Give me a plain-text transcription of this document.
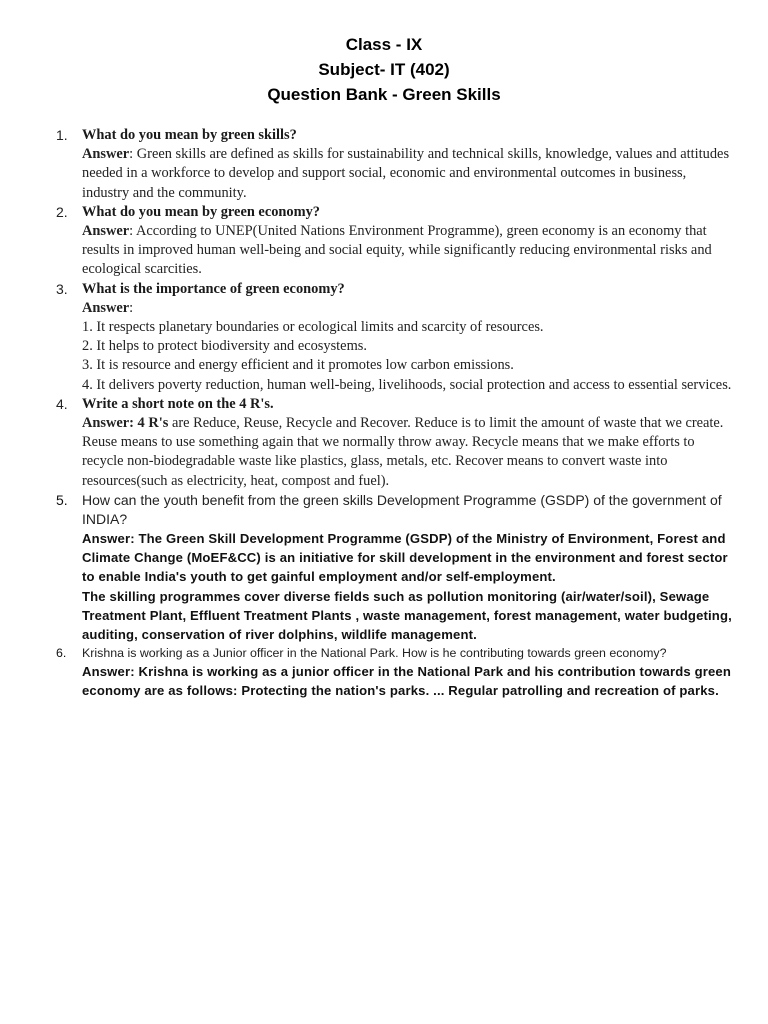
Class - IX
Subject- IT (402)
Question Bank - Green Skills
1. What do you mean by green skills?
Answer: Green skills are defined as skills for sustainability and technical skills, knowledge, values and attitudes needed in a workforce to develop and support social, economic and environmental outcomes in business, industry and the community.
2. What do you mean by green economy?
Answer: According to UNEP(United Nations Environment Programme), green economy is an economy that results in improved human well-being and social equity, while significantly reducing environmental risks and ecological scarcities.
3. What is the importance of green economy?
Answer:
1. It respects planetary boundaries or ecological limits and scarcity of resources.
2. It helps to protect biodiversity and ecosystems.
3. It is resource and energy efficient and it promotes low carbon emissions.
4. It delivers poverty reduction, human well-being, livelihoods, social protection and access to essential services.
4. Write a short note on the 4 R's.
Answer: 4 R's are Reduce, Reuse, Recycle and Recover. Reduce is to limit the amount of waste that we create. Reuse means to use something again that we normally throw away. Recycle means that we make efforts to recycle non-biodegradable waste like plastics, glass, metals, etc. Recover means to convert waste into resources(such as electricity, heat, compost and fuel).
5. How can the youth benefit from the green skills Development Programme (GSDP) of the government of INDIA?
Answer: The Green Skill Development Programme (GSDP) of the Ministry of Environment, Forest and Climate Change (MoEF&CC) is an initiative for skill development in the environment and forest sector to enable India's youth to get gainful employment and/or self-employment.
The skilling programmes cover diverse fields such as pollution monitoring (air/water/soil), Sewage Treatment Plant, Effluent Treatment Plants , waste management, forest management, water budgeting, auditing, conservation of river dolphins, wildlife management.
6. Krishna is working as a Junior officer in the National Park. How is he contributing towards green economy?
Answer: Krishna is working as a junior officer in the National Park and his contribution towards green economy are as follows: Protecting the nation's parks. ... Regular patrolling and recreation of parks.
